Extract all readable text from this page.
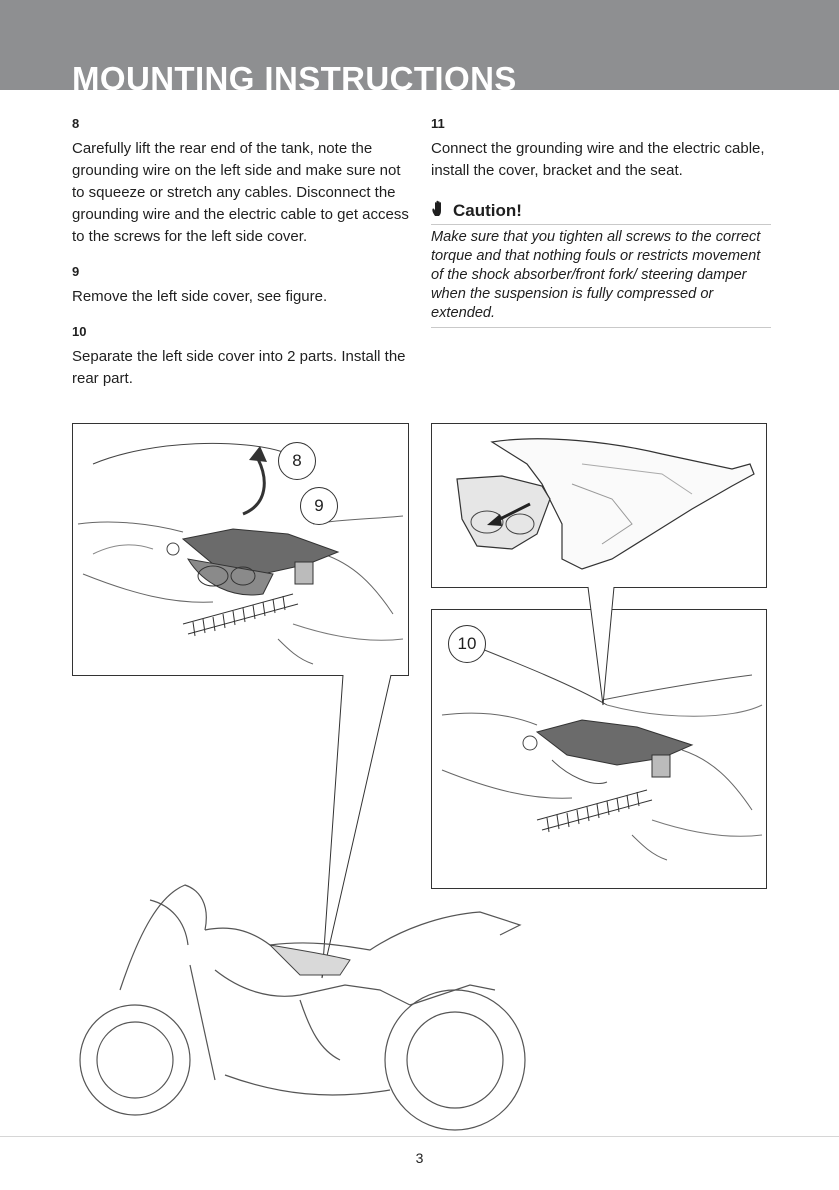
MOUNTING INSTRUCTIONS

8

Carefully lift the rear end of the tank, note the grounding wire on the left side and make sure not to squeeze or stretch any cables. Disconnect the grounding wire and the electric cable to get access to the screws for the left side cover.

9

Remove the left side cover, see figure.

10

Separate the left side cover into 2 parts. Install the rear part.

11

Connect the grounding wire and the electric cable, install the cover, bracket and the seat.

Caution!

Make sure that you tighten all screws to the correct torque and that nothing fouls or restricts movement of the shock absorber/front fork/ steering damper when the suspension is fully compressed or extended.

8
9
10
3
